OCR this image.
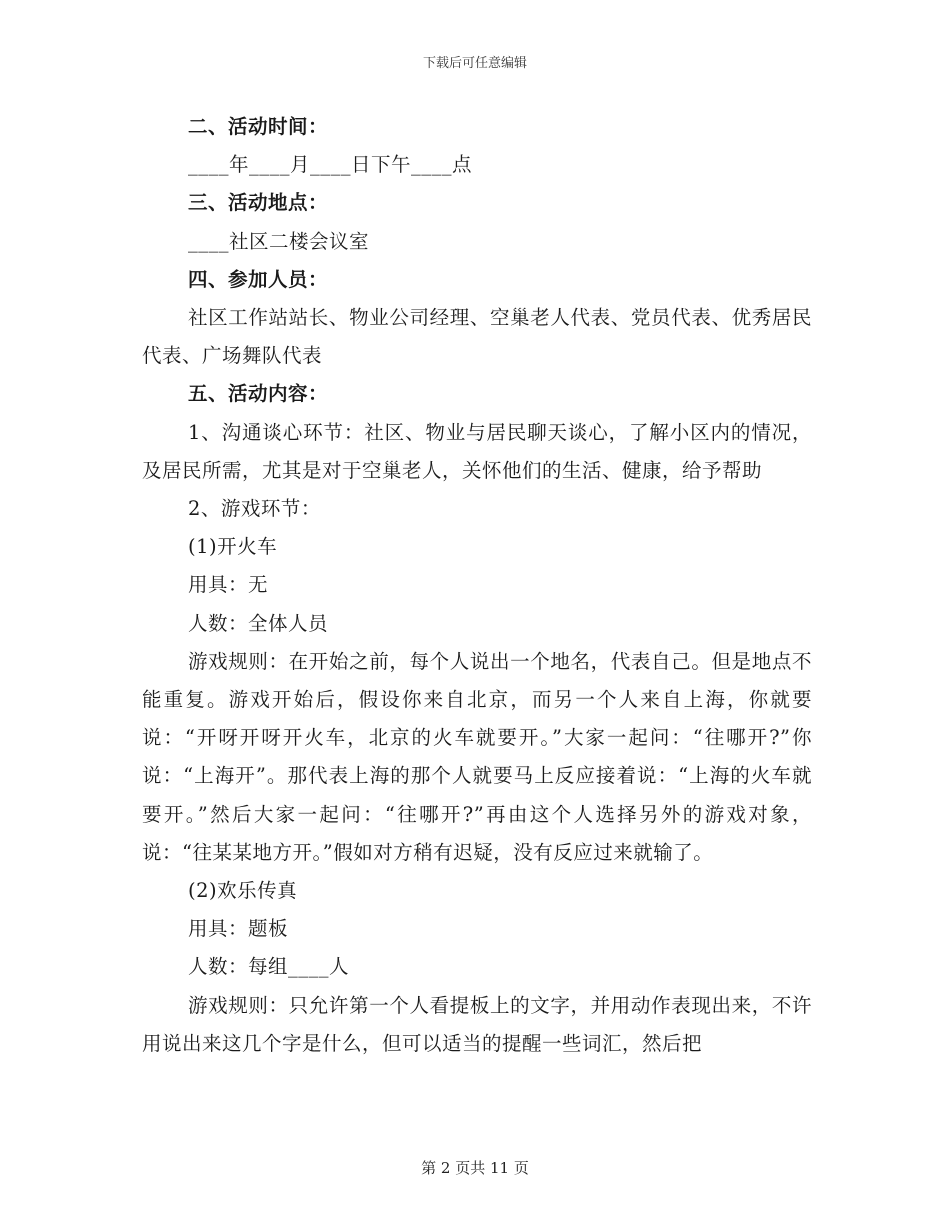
下载后可任意编辑

二、活动时间：

____年____月____日下午____点

三、活动地点：

____社区二楼会议室

四、参加人员：

社区工作站站长、物业公司经理、空巢老人代表、党员代表、优秀居民代表、广场舞队代表

五、活动内容：

1、沟通谈心环节：社区、物业与居民聊天谈心，了解小区内的情况，及居民所需，尤其是对于空巢老人，关怀他们的生活、健康，给予帮助

2、游戏环节：

(1)开火车

用具：无

人数：全体人员

游戏规则：在开始之前，每个人说出一个地名，代表自己。但是地点不能重复。游戏开始后，假设你来自北京，而另一个人来自上海，你就要说：“开呀开呀开火车，北京的火车就要开。”大家一起问：“往哪开?”你说：“上海开”。那代表上海的那个人就要马上反应接着说：“上海的火车就要开。”然后大家一起问：“往哪开?”再由这个人选择另外的游戏对象，说：“往某某地方开。”假如对方稍有迟疑，没有反应过来就输了。

(2)欢乐传真

用具：题板

人数：每组____人

游戏规则：只允许第一个人看提板上的文字，并用动作表现出来，不许用说出来这几个字是什么，但可以适当的提醒一些词汇，然后把

第 2 页共 11 页
